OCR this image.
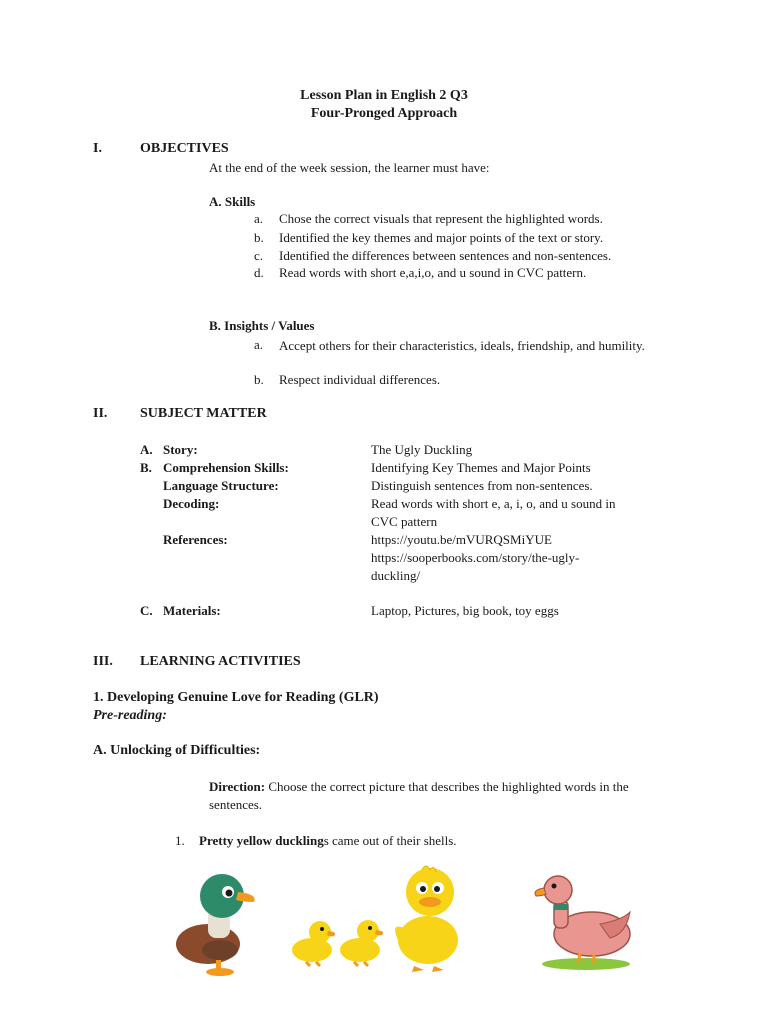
Lesson Plan in English 2 Q3
Four-Pronged Approach
I.	OBJECTIVES
At the end of the week session, the learner must have:
A. Skills
a. Chose the correct visuals that represent the highlighted words.
b. Identified the key themes and major points of the text or story.
c. Identified the differences between sentences and non-sentences.
d. Read words with short e,a,i,o, and u sound in CVC pattern.
B. Insights / Values
a. Accept others for their characteristics, ideals, friendship, and humility.
b. Respect individual differences.
II. SUBJECT MATTER
A. Story:	The Ugly Duckling
B. Comprehension Skills:	Identifying Key Themes and Major Points
Language Structure:	Distinguish sentences from non-sentences.
Decoding:	Read words with short e, a, i, o, and u sound in
CVC pattern
References:	https://youtu.be/mVURQSMiYUE
https://sooperbooks.com/story/the-ugly-
duckling/
C. Materials:	Laptop, Pictures, big book, toy eggs
III. LEARNING ACTIVITIES
1. Developing Genuine Love for Reading (GLR)
Pre-reading:
A. Unlocking of Difficulties:
Direction: Choose the correct picture that describes the highlighted words in the sentences.
1. Pretty yellow ducklings came out of their shells.
